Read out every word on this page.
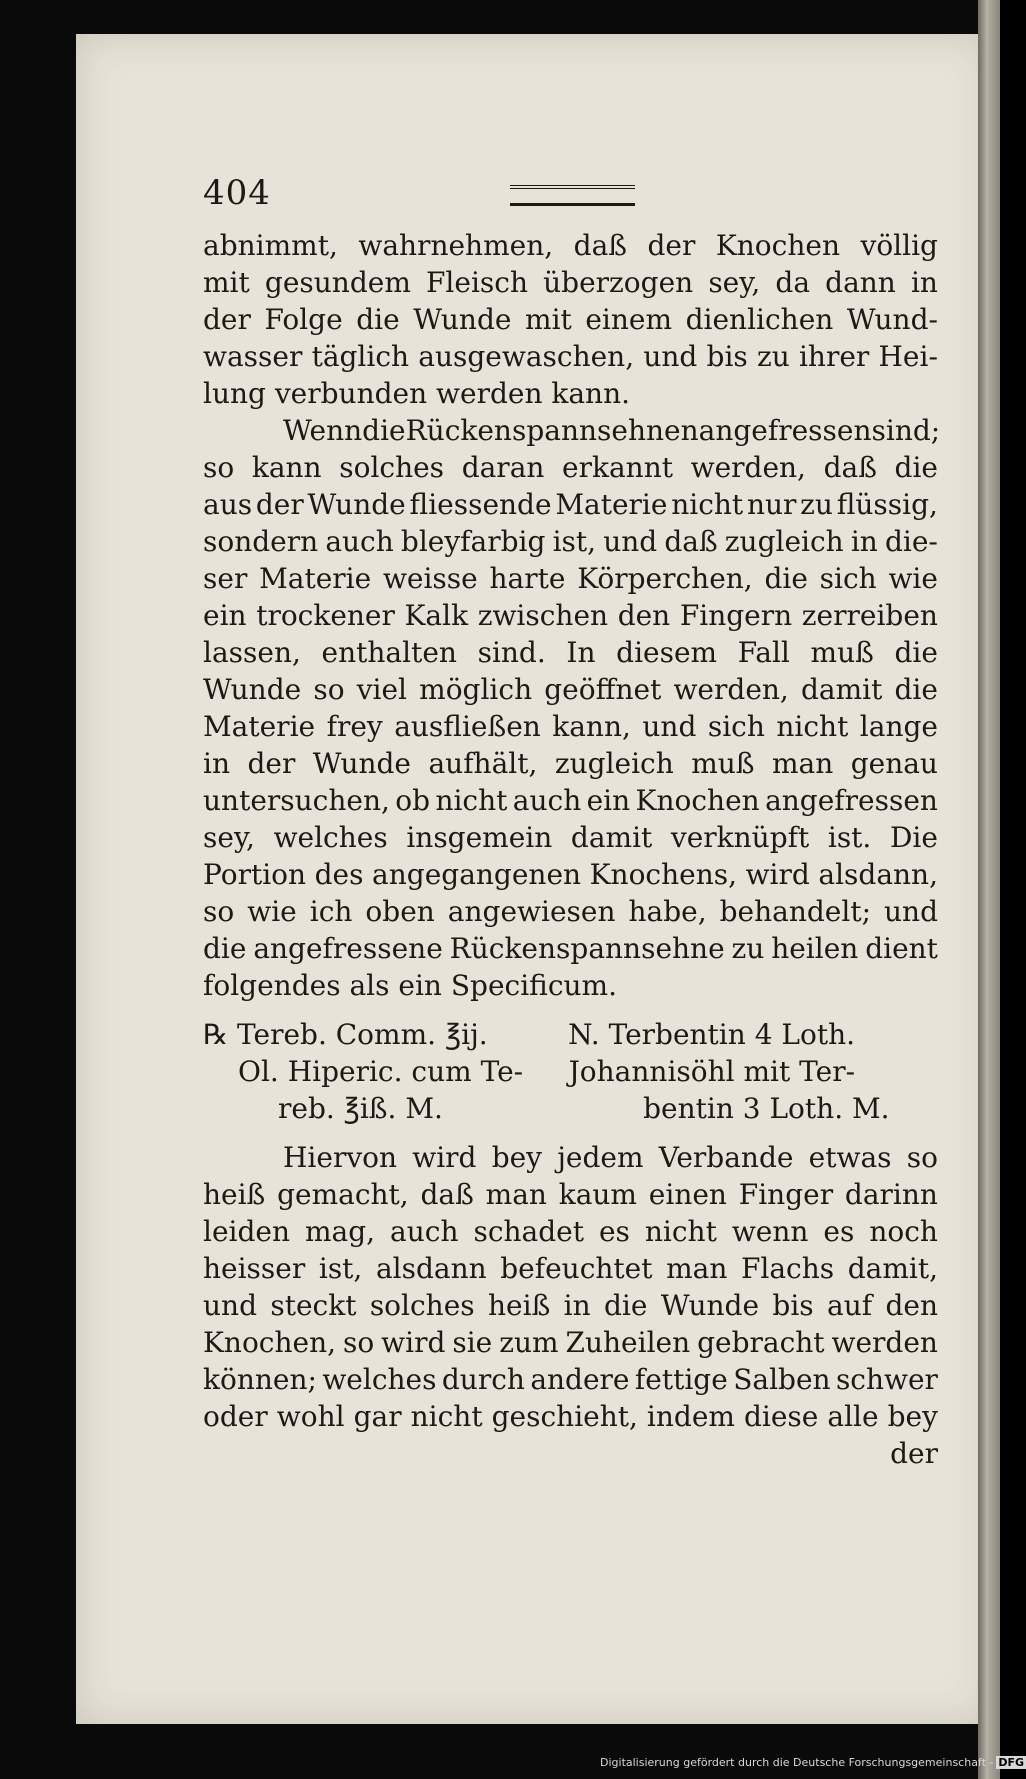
404
abnimmt, wahrnehmen, daß der Knochen völlig
mit gesundem Fleisch überzogen sey, da dann in
der Folge die Wunde mit einem dienlichen Wund-
wasser täglich ausgewaschen, und bis zu ihrer Hei-
lung verbunden werden kann.
Wenn die Rückenspannsehnen angefressen sind;
so kann solches daran erkannt werden, daß die
aus der Wunde fliessende Materie nicht nur zu flüssig,
sondern auch bleyfarbig ist, und daß zugleich in die-
ser Materie weisse harte Körperchen, die sich wie
ein trockener Kalk zwischen den Fingern zerreiben
lassen, enthalten sind. In diesem Fall muß die
Wunde so viel möglich geöffnet werden, damit die
Materie frey ausfließen kann, und sich nicht lange
in der Wunde aufhält, zugleich muß man genau
untersuchen, ob nicht auch ein Knochen angefressen
sey, welches insgemein damit verknüpft ist. Die
Portion des angegangenen Knochens, wird alsdann,
so wie ich oben angewiesen habe, behandelt; und
die angefressene Rückenspannsehne zu heilen dient
folgendes als ein Specificum.
℞ Tereb. Comm. ℥ij.	N. Terbentin 4 Loth.
Ol. Hiperic. cum Te-	Johannisöhl mit Ter-
reb. ℥iß. M.	bentin 3 Loth. M.
Hiervon wird bey jedem Verbande etwas so
heiß gemacht, daß man kaum einen Finger darinn
leiden mag, auch schadet es nicht wenn es noch
heisser ist, alsdann befeuchtet man Flachs damit,
und steckt solches heiß in die Wunde bis auf den
Knochen, so wird sie zum Zuheilen gebracht werden
können; welches durch andere fettige Salben schwer
oder wohl gar nicht geschieht, indem diese alle bey
der
Digitalisierung gefördert durch die Deutsche Forschungsgemeinschaft - DFG
